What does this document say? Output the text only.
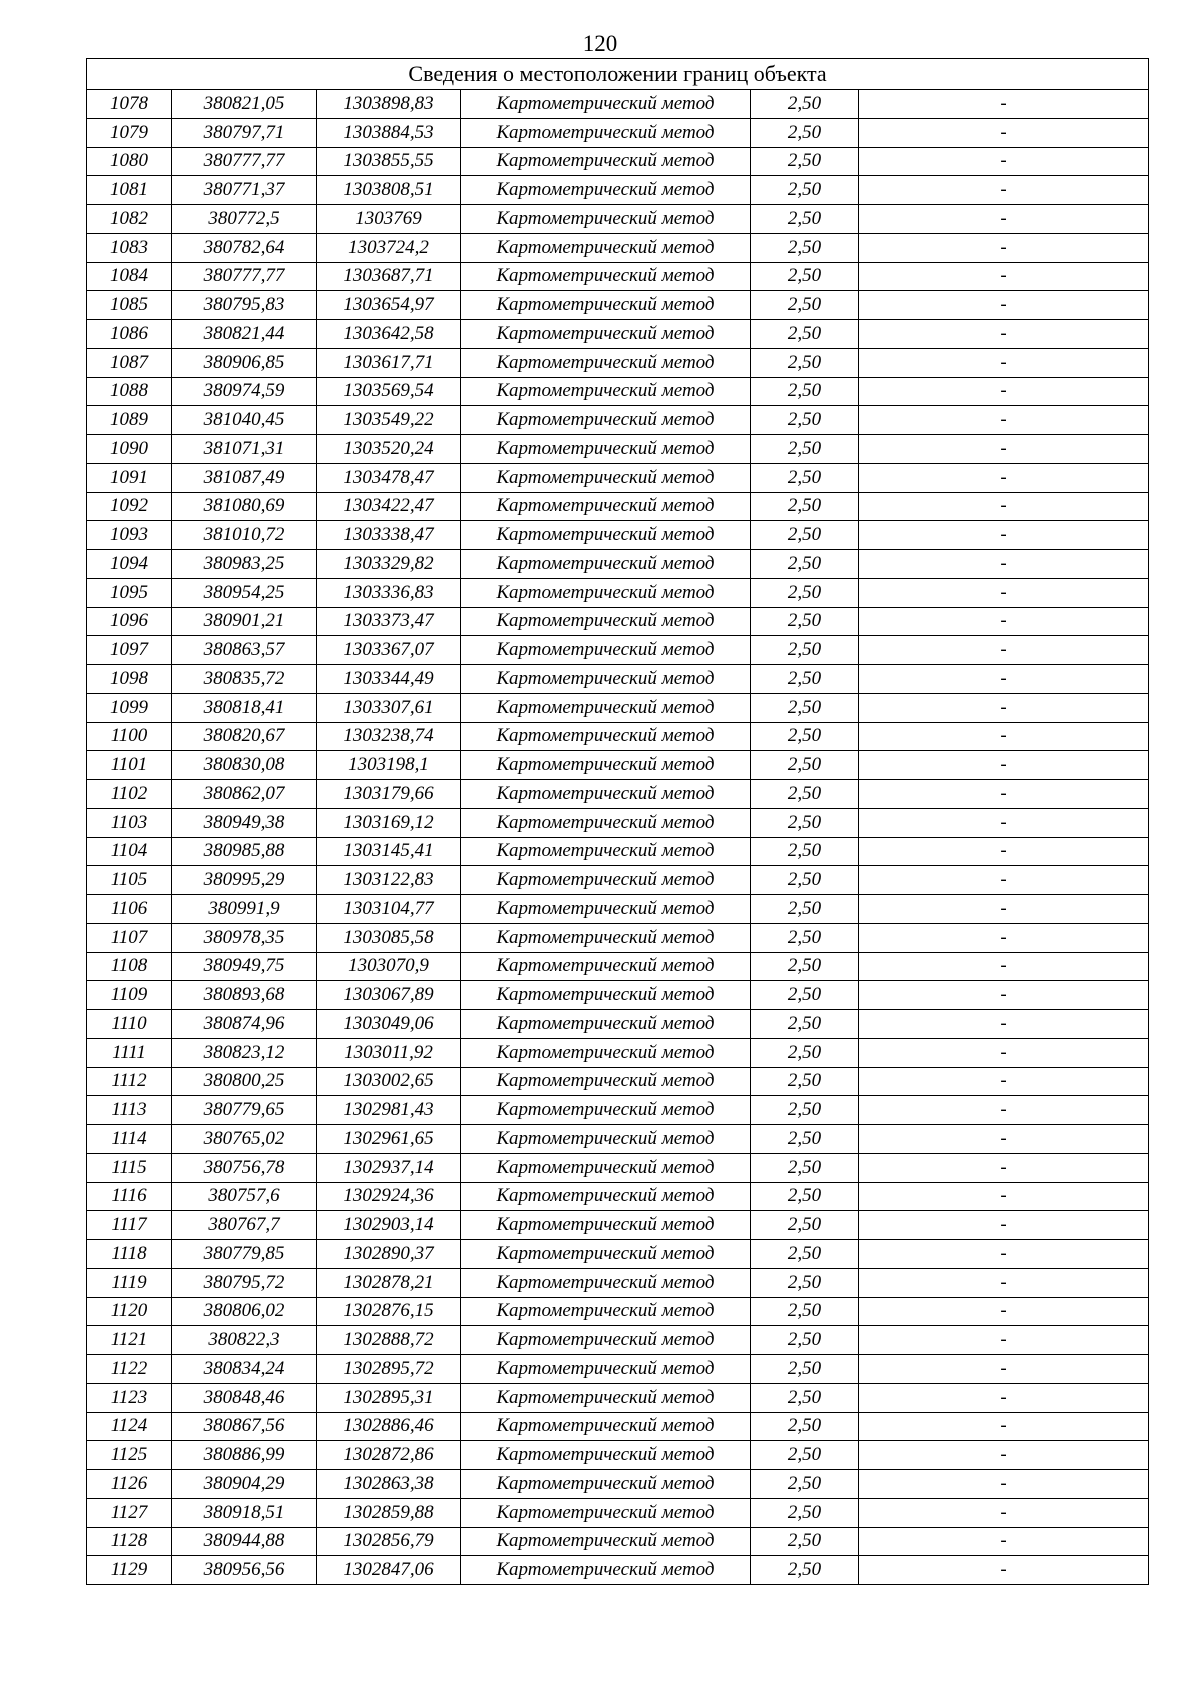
120
Сведения о местоположении границ объекта					
1078	380821,05	1303898,83	Картометрический метод	2,50	-
1079	380797,71	1303884,53	Картометрический метод	2,50	-
1080	380777,77	1303855,55	Картометрический метод	2,50	-
1081	380771,37	1303808,51	Картометрический метод	2,50	-
1082	380772,5	1303769	Картометрический метод	2,50	-
1083	380782,64	1303724,2	Картометрический метод	2,50	-
1084	380777,77	1303687,71	Картометрический метод	2,50	-
1085	380795,83	1303654,97	Картометрический метод	2,50	-
1086	380821,44	1303642,58	Картометрический метод	2,50	-
1087	380906,85	1303617,71	Картометрический метод	2,50	-
1088	380974,59	1303569,54	Картометрический метод	2,50	-
1089	381040,45	1303549,22	Картометрический метод	2,50	-
1090	381071,31	1303520,24	Картометрический метод	2,50	-
1091	381087,49	1303478,47	Картометрический метод	2,50	-
1092	381080,69	1303422,47	Картометрический метод	2,50	-
1093	381010,72	1303338,47	Картометрический метод	2,50	-
1094	380983,25	1303329,82	Картометрический метод	2,50	-
1095	380954,25	1303336,83	Картометрический метод	2,50	-
1096	380901,21	1303373,47	Картометрический метод	2,50	-
1097	380863,57	1303367,07	Картометрический метод	2,50	-
1098	380835,72	1303344,49	Картометрический метод	2,50	-
1099	380818,41	1303307,61	Картометрический метод	2,50	-
1100	380820,67	1303238,74	Картометрический метод	2,50	-
1101	380830,08	1303198,1	Картометрический метод	2,50	-
1102	380862,07	1303179,66	Картометрический метод	2,50	-
1103	380949,38	1303169,12	Картометрический метод	2,50	-
1104	380985,88	1303145,41	Картометрический метод	2,50	-
1105	380995,29	1303122,83	Картометрический метод	2,50	-
1106	380991,9	1303104,77	Картометрический метод	2,50	-
1107	380978,35	1303085,58	Картометрический метод	2,50	-
1108	380949,75	1303070,9	Картометрический метод	2,50	-
1109	380893,68	1303067,89	Картометрический метод	2,50	-
1110	380874,96	1303049,06	Картометрический метод	2,50	-
1111	380823,12	1303011,92	Картометрический метод	2,50	-
1112	380800,25	1303002,65	Картометрический метод	2,50	-
1113	380779,65	1302981,43	Картометрический метод	2,50	-
1114	380765,02	1302961,65	Картометрический метод	2,50	-
1115	380756,78	1302937,14	Картометрический метод	2,50	-
1116	380757,6	1302924,36	Картометрический метод	2,50	-
1117	380767,7	1302903,14	Картометрический метод	2,50	-
1118	380779,85	1302890,37	Картометрический метод	2,50	-
1119	380795,72	1302878,21	Картометрический метод	2,50	-
1120	380806,02	1302876,15	Картометрический метод	2,50	-
1121	380822,3	1302888,72	Картометрический метод	2,50	-
1122	380834,24	1302895,72	Картометрический метод	2,50	-
1123	380848,46	1302895,31	Картометрический метод	2,50	-
1124	380867,56	1302886,46	Картометрический метод	2,50	-
1125	380886,99	1302872,86	Картометрический метод	2,50	-
1126	380904,29	1302863,38	Картометрический метод	2,50	-
1127	380918,51	1302859,88	Картометрический метод	2,50	-
1128	380944,88	1302856,79	Картометрический метод	2,50	-
1129	380956,56	1302847,06	Картометрический метод	2,50	-
